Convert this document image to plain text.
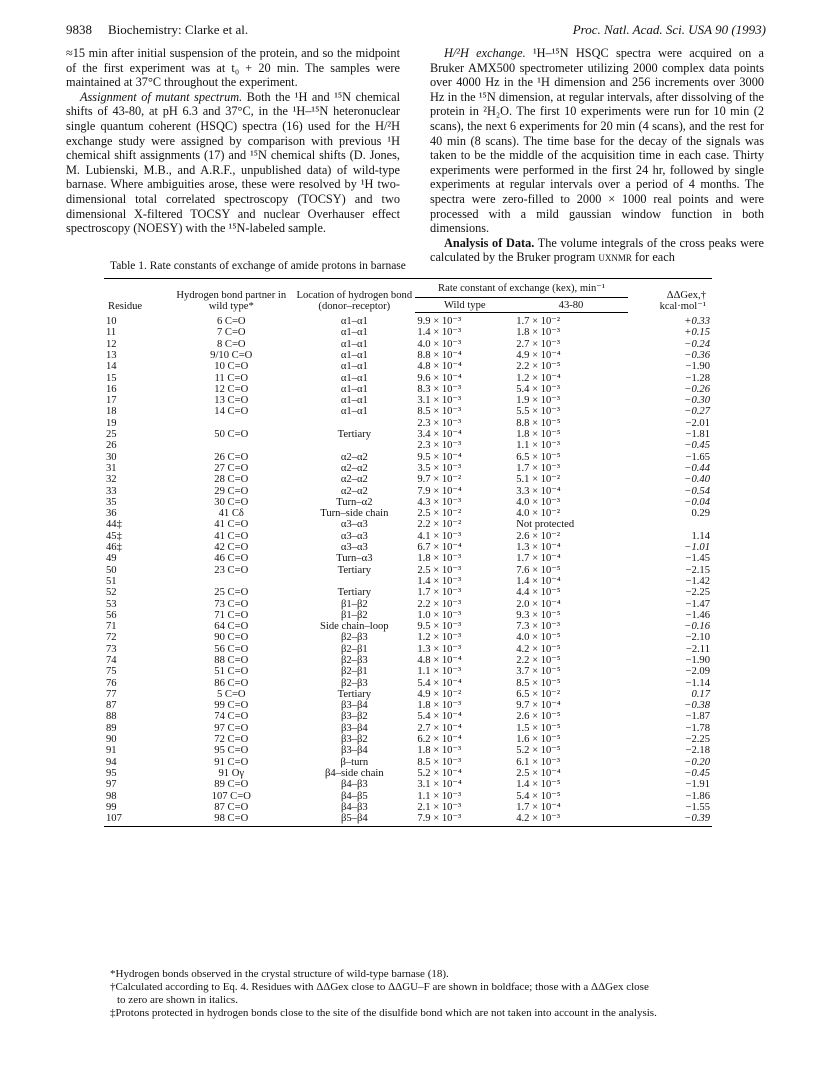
9838	Biochemistry: Clarke et al.	Proc. Natl. Acad. Sci. USA 90 (1993)

≈15 min after initial suspension of the protein, and so the midpoint of the first experiment was at t₀ + 20 min. The samples were maintained at 37°C throughout the experiment.

Assignment of mutant spectrum. Both the ¹H and ¹⁵N chemical shifts of 43-80, at pH 6.3 and 37°C, in the ¹H–¹⁵N heteronuclear single quantum coherent (HSQC) spectra (16) used for the H/²H exchange study were assigned by comparison with previous ¹H chemical shift assignments (17) and ¹⁵N chemical shifts (D. Jones, M. Lubienski, M.B., and A.R.F., unpublished data) of wild-type barnase. Where ambiguities arose, these were resolved by ¹H two-dimensional total correlated spectroscopy (TOCSY) and two dimensional X-filtered TOCSY and nuclear Overhauser effect spectroscopy (NOESY) with the ¹⁵N-labeled sample.

H/²H exchange. ¹H–¹⁵N HSQC spectra were acquired on a Bruker AMX500 spectrometer utilizing 2000 complex data points over 4000 Hz in the ¹H dimension and 256 increments over 3000 Hz in the ¹⁵N dimension, at regular intervals, after dissolving of the protein in ²H₂O. The first 10 experiments were run for 10 min (2 scans), the next 6 experiments for 20 min (4 scans), and the rest for 40 min (8 scans). The time base for the decay of the signals was taken to be the middle of the acquisition time in each case. Thirty experiments were performed in the first 24 hr, followed by single experiments at regular intervals over a period of 4 months. The spectra were zero-filled to 2000 × 1000 real points and were processed with a mild gaussian window function in both dimensions.

Analysis of Data. The volume integrals of the cross peaks were calculated by the Bruker program uxnmr for each

Table 1. Rate constants of exchange of amide protons in barnase
Residue	Hydrogen bond partner in wild type*	Location of hydrogen bond (donor–receptor)	Rate constant of exchange (kex), min⁻¹		ΔΔGex,† kcal·mol⁻¹

			Wild type	43-80	
10	6 C=O	α1–α1	9.9 × 10⁻³	1.7 × 10⁻²	+0.33
11	7 C=O	α1–α1	1.4 × 10⁻³	1.8 × 10⁻³	+0.15
12	8 C=O	α1–α1	4.0 × 10⁻³	2.7 × 10⁻³	−0.24
13	9/10 C=O	α1–α1	8.8 × 10⁻⁴	4.9 × 10⁻⁴	−0.36
14	10 C=O	α1–α1	4.8 × 10⁻⁴	2.2 × 10⁻⁵	−1.90
15	11 C=O	α1–α1	9.6 × 10⁻⁴	1.2 × 10⁻⁴	−1.28
16	12 C=O	α1–α1	8.3 × 10⁻³	5.4 × 10⁻³	−0.26
17	13 C=O	α1–α1	3.1 × 10⁻³	1.9 × 10⁻³	−0.30
18	14 C=O	α1–α1	8.5 × 10⁻³	5.5 × 10⁻³	−0.27
19			2.3 × 10⁻³	8.8 × 10⁻⁵	−2.01
25	50 C=O	Tertiary	3.4 × 10⁻⁴	1.8 × 10⁻⁵	−1.81
26			2.3 × 10⁻³	1.1 × 10⁻³	−0.45
30	26 C=O	α2–α2	9.5 × 10⁻⁴	6.5 × 10⁻⁵	−1.65
31	27 C=O	α2–α2	3.5 × 10⁻³	1.7 × 10⁻³	−0.44
32	28 C=O	α2–α2	9.7 × 10⁻²	5.1 × 10⁻²	−0.40
33	29 C=O	α2–α2	7.9 × 10⁻⁴	3.3 × 10⁻⁴	−0.54
35	30 C=O	Turn–α2	4.3 × 10⁻³	4.0 × 10⁻³	−0.04
36	41 Cδ	Turn–side chain	2.5 × 10⁻²	4.0 × 10⁻²	0.29
44‡	41 C=O	α3–α3	2.2 × 10⁻²	Not protected	
45‡	41 C=O	α3–α3	4.1 × 10⁻³	2.6 × 10⁻²	1.14
46‡	42 C=O	α3–α3	6.7 × 10⁻⁴	1.3 × 10⁻⁴	−1.01
49	46 C=O	Turn–α3	1.8 × 10⁻³	1.7 × 10⁻⁴	−1.45
50	23 C=O	Tertiary	2.5 × 10⁻³	7.6 × 10⁻⁵	−2.15
51			1.4 × 10⁻³	1.4 × 10⁻⁴	−1.42
52	25 C=O	Tertiary	1.7 × 10⁻³	4.4 × 10⁻⁵	−2.25
53	73 C=O	β1–β2	2.2 × 10⁻³	2.0 × 10⁻⁴	−1.47
56	71 C=O	β1–β2	1.0 × 10⁻³	9.3 × 10⁻⁵	−1.46
71	64 C=O	Side chain–loop	9.5 × 10⁻³	7.3 × 10⁻³	−0.16
72	90 C=O	β2–β3	1.2 × 10⁻³	4.0 × 10⁻⁵	−2.10
73	56 C=O	β2–β1	1.3 × 10⁻³	4.2 × 10⁻⁵	−2.11
74	88 C=O	β2–β3	4.8 × 10⁻⁴	2.2 × 10⁻⁵	−1.90
75	51 C=O	β2–β1	1.1 × 10⁻³	3.7 × 10⁻⁵	−2.09
76	86 C=O	β2–β3	5.4 × 10⁻⁴	8.5 × 10⁻⁵	−1.14
77	5 C=O	Tertiary	4.9 × 10⁻²	6.5 × 10⁻²	0.17
87	99 C=O	β3–β4	1.8 × 10⁻³	9.7 × 10⁻⁴	−0.38
88	74 C=O	β3–β2	5.4 × 10⁻⁴	2.6 × 10⁻⁵	−1.87
89	97 C=O	β3–β4	2.7 × 10⁻⁴	1.5 × 10⁻⁵	−1.78
90	72 C=O	β3–β2	6.2 × 10⁻⁴	1.6 × 10⁻⁵	−2.25
91	95 C=O	β3–β4	1.8 × 10⁻³	5.2 × 10⁻⁵	−2.18
94	91 C=O	β–turn	8.5 × 10⁻³	6.1 × 10⁻³	−0.20
95	91 Oγ	β4–side chain	5.2 × 10⁻⁴	2.5 × 10⁻⁴	−0.45
97	89 C=O	β4–β3	3.1 × 10⁻⁴	1.4 × 10⁻⁵	−1.91
98	107 C=O	β4–β5	1.1 × 10⁻³	5.4 × 10⁻⁵	−1.86
99	87 C=O	β4–β3	2.1 × 10⁻³	1.7 × 10⁻⁴	−1.55
107	98 C=O	β5–β4	7.9 × 10⁻³	4.2 × 10⁻³	−0.39

*Hydrogen bonds observed in the crystal structure of wild-type barnase (18).

†Calculated according to Eq. 4. Residues with ΔΔGex close to ΔΔGU–F are shown in boldface; those with a ΔΔGex close

to zero are shown in italics.

‡Protons protected in hydrogen bonds close to the site of the disulfide bond which are not taken into account in the analysis.
